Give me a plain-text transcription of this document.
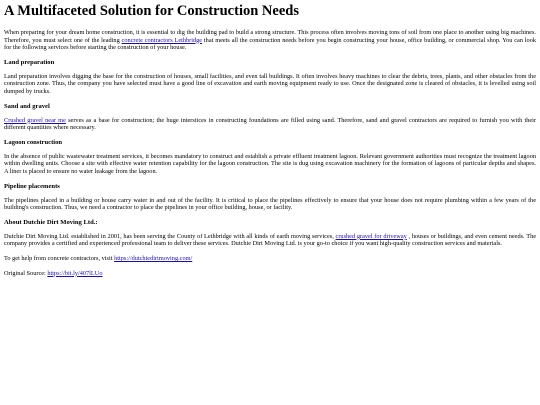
A Multifaceted Solution for Construction Needs

When preparing for your dream home construction, it is essential to dig the building pad to build a strong structure. This process often involves moving tons of soil from one place to another using big machines. Therefore, you must select one of the leading concrete contractors Lethbridge that meets all the construction needs before you begin constructing your house, office building, or commercial shop. You can look for the following services before starting the construction of your house.

Land preparation

Land preparation involves digging the base for the construction of houses, small facilities, and even tall buildings. It often involves heavy machines to clear the debris, trees, plants, and other obstacles from the construction zone. Thus, the company you have selected must have a good line of excavation and earth moving equipment ready to use. Once the designated zone is cleared of obstacles, it is levelled using soil dumped by trucks.

Sand and gravel

Crushed gravel near me serves as a base for construction; the huge interstices in constructing foundations are filled using sand. Therefore, sand and gravel contractors are required to furnish you with their different quantities where necessary.

Lagoon construction

In the absence of public wastewater treatment services, it becomes mandatory to construct and establish a private effluent treatment lagoon. Relevant government authorities must recognize the treatment lagoon within dwelling units. Choose a site with effective water retention capability for the lagoon construction. The site is dug using excavation machinery for the formation of lagoons of particular depths and shapes. A liner is placed to ensure no water leakage from the lagoon.

Pipeline placements

The pipelines placed in a building or house carry water in and out of the facility. It is critical to place the pipelines effectively to ensure that your house does not require plumbing within a few years of the building's construction. Thus, we need a contractor to place the pipelines in your office building, house, or facility.

About Dutchie Dirt Moving Ltd.:

Dutchie Dirt Moving Ltd. established in 2001, has been serving the County of Lethbridge with all kinds of earth moving services, crushed gravel for driveway , houses or buildings, and even cement needs. The company provides a certified and experienced professional team to deliver these services. Dutchie Dirt Moving Ltd. is your go-to choice if you want high-quality construction services and materials.

To get help from concrete contractors, visit https://dutchiedirtmoving.com/

Original Source: https://bit.ly/407lLUo
